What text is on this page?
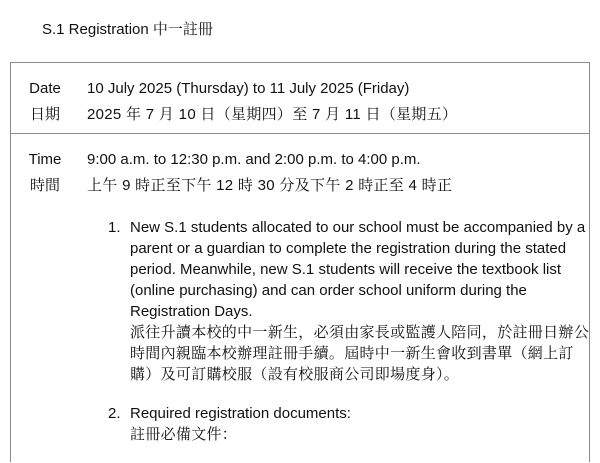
S.1 Registration 中一註冊
Date
日期
10 July 2025 (Thursday) to 11 July 2025 (Friday)
2025 年 7 月 10 日（星期四）至 7 月 11 日（星期五）
Time
時間
9:00 a.m. to 12:30 p.m. and 2:00 p.m. to 4:00 p.m.
上午 9 時正至下午 12 時 30 分及下午 2 時正至 4 時正
1. New S.1 students allocated to our school must be accompanied by a parent or a guardian to complete the registration during the stated period. Meanwhile, new S.1 students will receive the textbook list (online purchasing) and can order school uniform during the Registration Days.
派往升讀本校的中一新生，必須由家長或監護人陪同，於註冊日辦公時間內親臨本校辦理註冊手續。屆時中一新生會收到書單（網上訂購）及可訂購校服（設有校服商公司即場度身）。
2. Required registration documents:
註冊必備文件：
